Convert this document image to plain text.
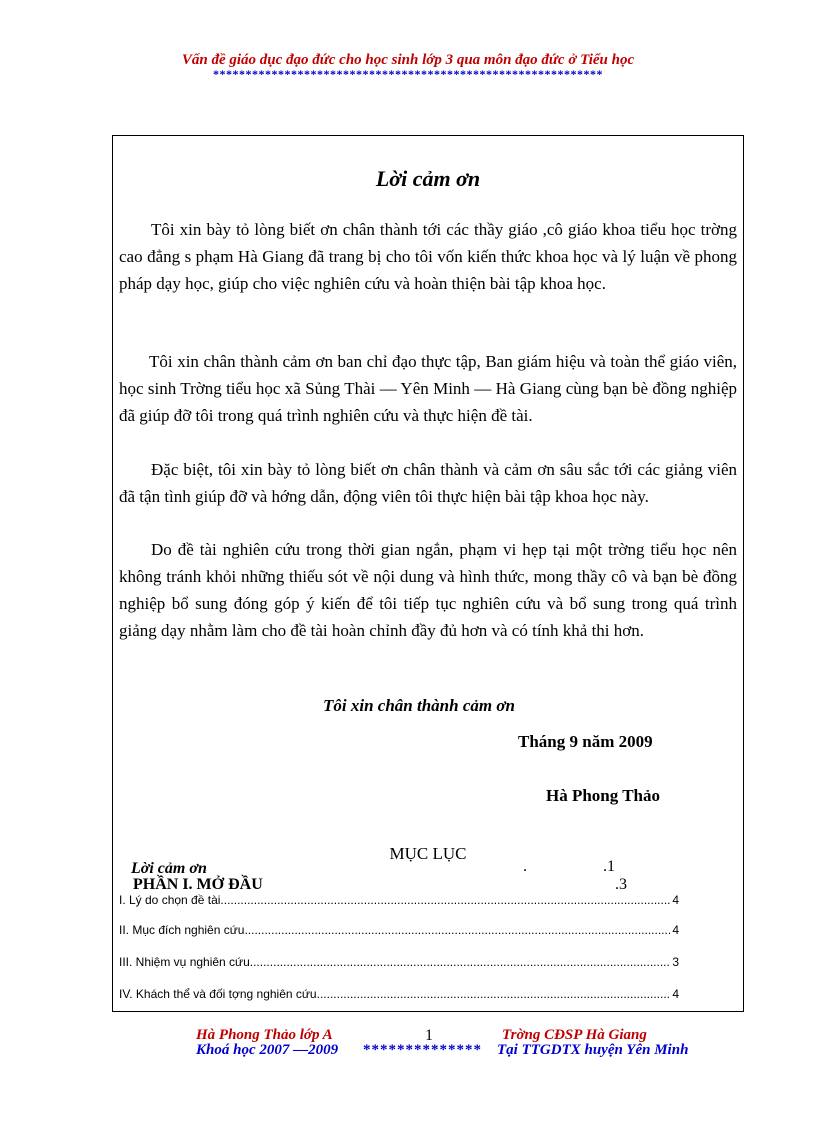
Vấn đề giáo dục đạo đức cho học sinh lớp 3 qua môn đạo đức ở Tiểu học
************************************************************
Lời cảm ơn
Tôi xin bày tỏ lòng biết ơn chân thành tới các thầy giáo ,cô giáo khoa tiểu học trờng cao đẳng s phạm Hà Giang đã trang bị cho tôi vốn kiến thức khoa học và lý luận về phong pháp dạy học, giúp cho việc nghiên cứu và hoàn thiện bài tập khoa học.
Tôi xin chân thành cảm ơn ban chỉ đạo thực tập, Ban giám hiệu và toàn thể giáo viên, học sinh Trờng tiểu học xã Sủng Thài — Yên Minh — Hà Giang cùng bạn bè đồng nghiệp đã giúp đỡ tôi trong quá trình nghiên cứu và thực hiện đề tài.
Đặc biệt, tôi xin bày tỏ lòng biết ơn chân thành và cảm ơn sâu sắc tới các giảng viên đã tận tình giúp đỡ và hớng dẫn, động viên tôi thực hiện bài tập khoa học này.
Do đề tài nghiên cứu trong thời gian ngắn, phạm vi hẹp tại một trờng tiểu học nên không tránh khỏi những thiếu sót về nội dung và hình thức, mong thầy cô và bạn bè đồng nghiệp bổ sung đóng góp ý kiến để tôi tiếp tục nghiên cứu và bổ sung trong quá trình giảng dạy nhằm làm cho đề tài hoàn chỉnh đầy đủ hơn và có tính khả thi hơn.
Tôi xin chân thành cảm ơn
Tháng 9 năm 2009
Hà Phong Thảo
MỤC LỤC
Lời cảm ơn	.	.1
PHẦN I. MỞ ĐẦU	.3
I. Lý do chọn đề tài .....	4
II. Mục đích nghiên cứu .....	4
III. Nhiệm vụ nghiên cứu .....	3
IV. Khách thể và đối tợng nghiên cứu .....	4
Hà Phong Thảo lớp A	1	Trờng CĐSP Hà Giang
Khoá học 2007 —2009 ************** Tại TTGDTX huyện Yên Minh
